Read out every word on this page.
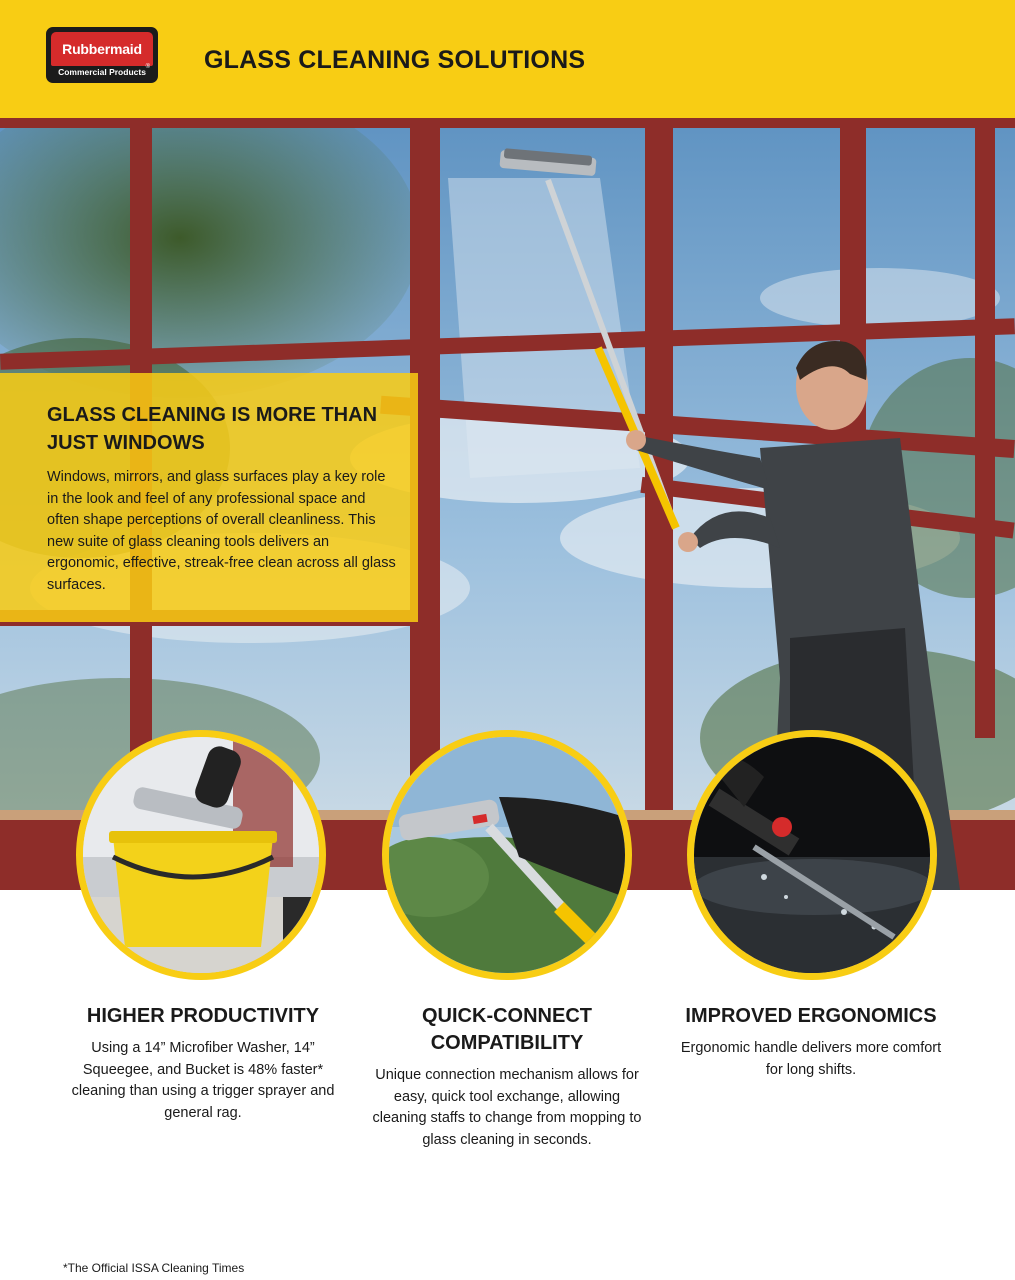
Rubbermaid
®
Commercial Products	GLASS CLEANING SOLUTIONS
GLASS CLEANING IS MORE THAN JUST WINDOWS
Windows, mirrors, and glass surfaces play a key role in the look and feel of any professional space and often shape perceptions of overall cleanliness. This new suite of glass cleaning tools delivers an ergonomic, effective, streak-free clean across all glass surfaces.
HIGHER PRODUCTIVITY

Using a 14” Microfiber Washer, 14” Squeegee, and Bucket is 48% faster* cleaning than using a trigger sprayer and general rag.

QUICK-CONNECT COMPATIBILITY

Unique connection mechanism allows for easy, quick tool exchange, allowing cleaning staffs to change from mopping to glass cleaning in seconds.

IMPROVED ERGONOMICS

Ergonomic handle delivers more comfort for long shifts.

*The Official ISSA Cleaning Times
